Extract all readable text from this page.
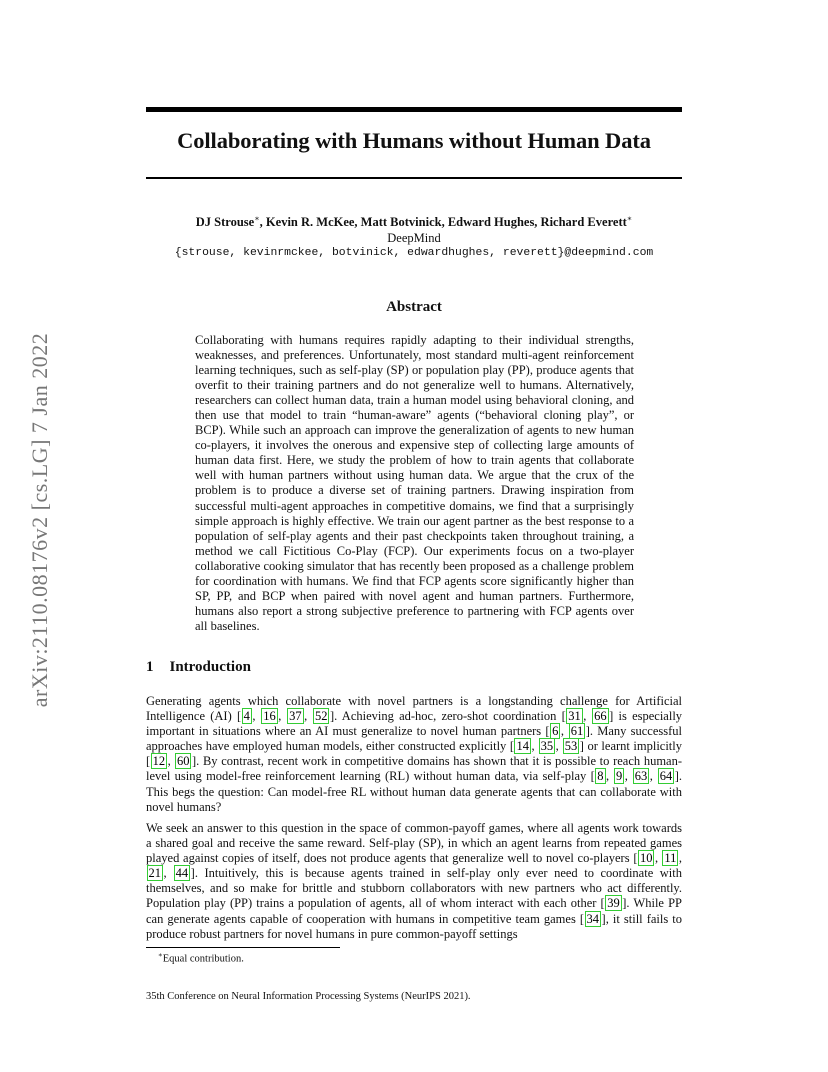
arXiv:2110.08176v2 [cs.LG] 7 Jan 2022
Collaborating with Humans without Human Data
DJ Strouse∗, Kevin R. McKee, Matt Botvinick, Edward Hughes, Richard Everett∗
DeepMind
{strouse, kevinrmckee, botvinick, edwardhughes, reverett}@deepmind.com
Abstract
Collaborating with humans requires rapidly adapting to their individual strengths, weaknesses, and preferences. Unfortunately, most standard multi-agent reinforcement learning techniques, such as self-play (SP) or population play (PP), produce agents that overfit to their training partners and do not generalize well to humans. Alternatively, researchers can collect human data, train a human model using behavioral cloning, and then use that model to train “human-aware” agents (“behavioral cloning play”, or BCP). While such an approach can improve the generalization of agents to new human co-players, it involves the onerous and expensive step of collecting large amounts of human data first. Here, we study the problem of how to train agents that collaborate well with human partners without using human data. We argue that the crux of the problem is to produce a diverse set of training partners. Drawing inspiration from successful multi-agent approaches in competitive domains, we find that a surprisingly simple approach is highly effective. We train our agent partner as the best response to a population of self-play agents and their past checkpoints taken throughout training, a method we call Fictitious Co-Play (FCP). Our experiments focus on a two-player collaborative cooking simulator that has recently been proposed as a challenge problem for coordination with humans. We find that FCP agents score significantly higher than SP, PP, and BCP when paired with novel agent and human partners. Furthermore, humans also report a strong subjective preference to partnering with FCP agents over all baselines.
1 Introduction
Generating agents which collaborate with novel partners is a longstanding challenge for Artificial Intelligence (AI) [ 4 , 16 , 37 , 52 ]. Achieving ad-hoc, zero-shot coordination [ 31 , 66 ] is especially important in situations where an AI must generalize to novel human partners [ 6 , 61 ]. Many successful approaches have employed human models, either constructed explicitly [ 14 , 35 , 53 ] or learnt implicitly [ 12 , 60 ]. By contrast, recent work in competitive domains has shown that it is possible to reach human-level using model-free reinforcement learning (RL) without human data, via self-play [ 8 , 9 , 63 , 64 ]. This begs the question: Can model-free RL without human data generate agents that can collaborate with novel humans?
We seek an answer to this question in the space of common-payoff games, where all agents work towards a shared goal and receive the same reward. Self-play (SP), in which an agent learns from repeated games played against copies of itself, does not produce agents that generalize well to novel co-players [ 10 , 11 , 21 , 44 ]. Intuitively, this is because agents trained in self-play only ever need to coordinate with themselves, and so make for brittle and stubborn collaborators with new partners who act differently. Population play (PP) trains a population of agents, all of whom interact with each other [ 39 ]. While PP can generate agents capable of cooperation with humans in competitive team games [ 34 ], it still fails to produce robust partners for novel humans in pure common-payoff settings
∗Equal contribution.
35th Conference on Neural Information Processing Systems (NeurIPS 2021).
